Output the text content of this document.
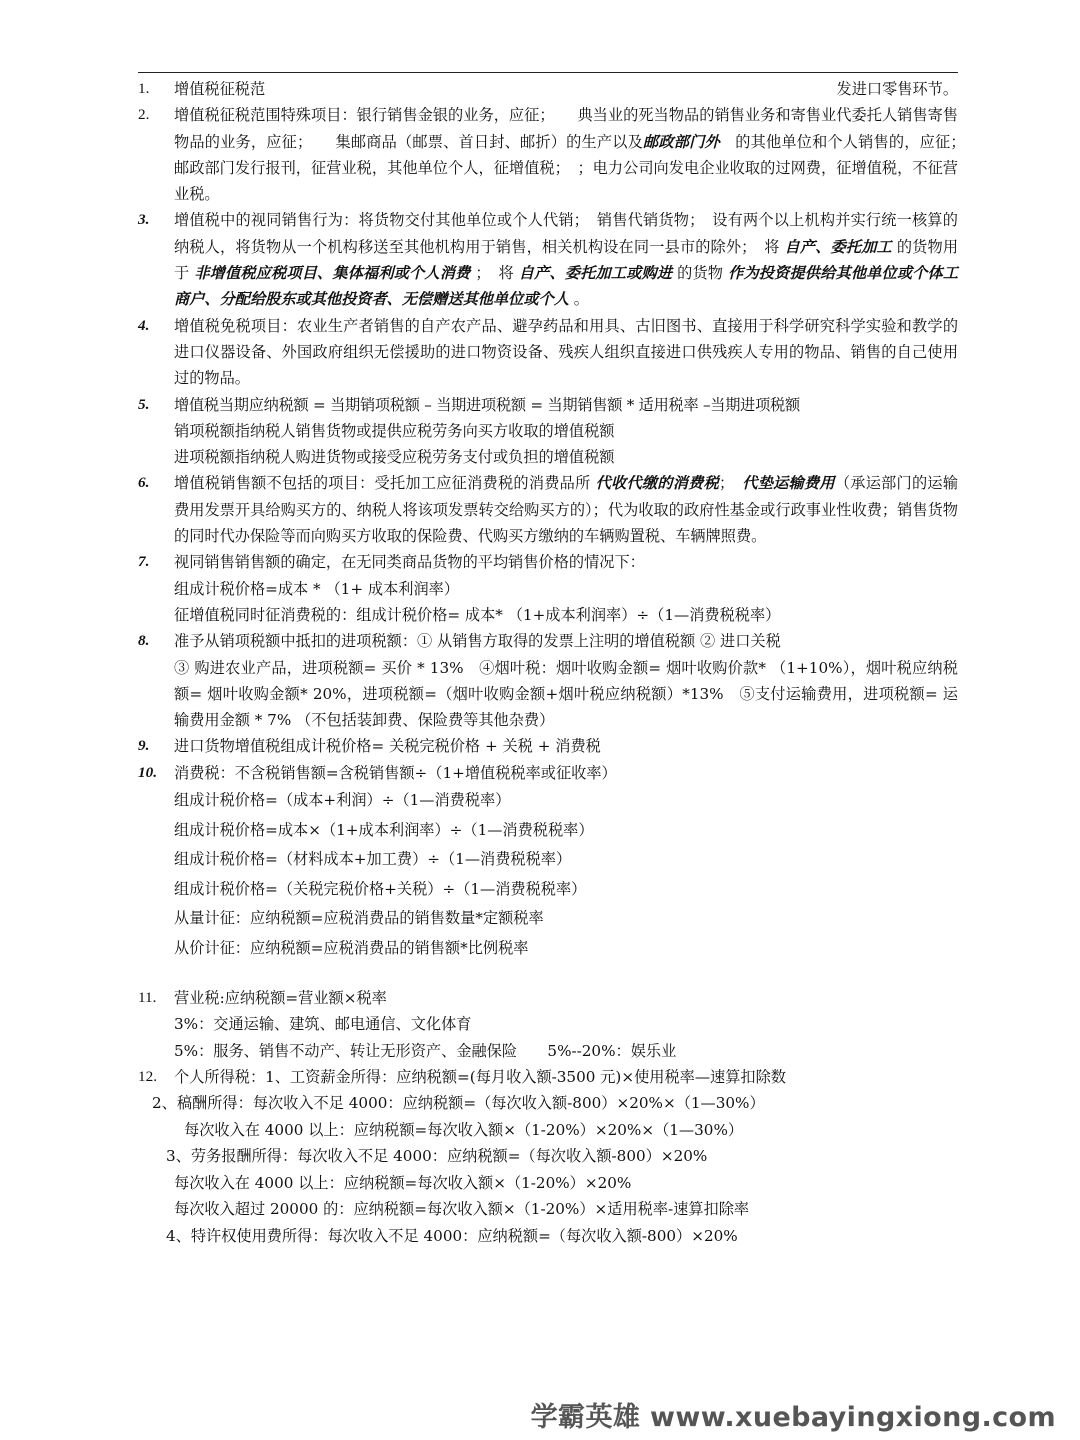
1.	增值税征税范	发进口零售环节。
2.	增值税征税范围特殊项目：银行销售金银的业务，应征；　　典当业的死当物品的销售业务和寄售业代委托人销售寄售物品的业务，应征；　　集邮商品（邮票、首日封、邮折）的生产以及邮政部门外　的其他单位和个人销售的，应征；　　邮政部门发行报刊，征营业税，其他单位个人，征增值税；　；电力公司向发电企业收取的过网费，征增值税，不征营业税。
3.	增值税中的视同销售行为：将货物交付其他单位或个人代销；　销售代销货物；　设有两个以上机构并实行统一核算的纳税人，将货物从一个机构移送至其他机构用于销售，相关机构设在同一县市的除外；　将 自产、委托加工 的货物用于 非增值税应税项目、集体福利或个人消费 ；　将 自产、委托加工或购进 的货物 作为投资提供给其他单位或个体工商户、分配给股东或其他投资者、无偿赠送其他单位或个人 。
4.	增值税免税项目：农业生产者销售的自产农产品、避孕药品和用具、古旧图书、直接用于科学研究科学实验和教学的进口仪器设备、外国政府组织无偿援助的进口物资设备、残疾人组织直接进口供残疾人专用的物品、销售的自己使用过的物品。
5.	增值税当期应纳税额 = 当期销项税额 – 当期进项税额 = 当期销售额 * 适用税率 –当期进项税额
销项税额指纳税人销售货物或提供应税劳务向买方收取的增值税额
进项税额指纳税人购进货物或接受应税劳务支付或负担的增值税额
6.	增值税销售额不包括的项目：受托加工应征消费税的消费品所 代收代缴的消费税；　代垫运输费用（承运部门的运输费用发票开具给购买方的、纳税人将该项发票转交给购买方的）；代为收取的政府性基金或行政事业性收费；销售货物的同时代办保险等而向购买方收取的保险费、代购买方缴纳的车辆购置税、车辆牌照费。
7.	视同销售销售额的确定，在无同类商品货物的平均销售价格的情况下：
组成计税价格=成本 * （1+ 成本利润率）
征增值税同时征消费税的：组成计税价格= 成本* （1+成本利润率）÷（1—消费税税率）
8.	准予从销项税额中抵扣的进项税额：① 从销售方取得的发票上注明的增值税额 ② 进口关税
③ 购进农业产品，进项税额= 买价 * 13%　④烟叶税：烟叶收购金额= 烟叶收购价款* （1+10%），烟叶税应纳税额= 烟叶收购金额* 20%，进项税额=（烟叶收购金额+烟叶税应纳税额）*13%　⑤支付运输费用，进项税额= 运输费用金额 * 7% （不包括装卸费、保险费等其他杂费）
9.	进口货物增值税组成计税价格= 关税完税价格 + 关税 + 消费税
10.	消费税：不含税销售额=含税销售额÷（1+增值税税率或征收率）
组成计税价格=（成本+利润）÷（1—消费税率）
组成计税价格=成本×（1+成本利润率）÷（1—消费税税率）
组成计税价格=（材料成本+加工费）÷（1—消费税税率）
组成计税价格=（关税完税价格+关税）÷（1—消费税税率）
从量计征：应纳税额=应税消费品的销售数量*定额税率
从价计征：应纳税额=应税消费品的销售额*比例税率
11.	营业税:应纳税额=营业额×税率
3%：交通运输、建筑、邮电通信、文化体育
5%：服务、销售不动产、转让无形资产、金融保险　　5%--20%：娱乐业
12.	个人所得税：1、工资薪金所得：应纳税额=(每月收入额-3500 元)×使用税率—速算扣除数
2、稿酬所得：每次收入不足 4000：应纳税额=（每次收入额-800）×20%×（1—30%）
每次收入在 4000 以上：应纳税额=每次收入额×（1-20%）×20%×（1—30%）
3、劳务报酬所得：每次收入不足 4000：应纳税额=（每次收入额-800）×20%
每次收入在 4000 以上：应纳税额=每次收入额×（1-20%）×20%
每次收入超过 20000 的：应纳税额=每次收入额×（1-20%）×适用税率-速算扣除率
4、特许权使用费所得：每次收入不足 4000：应纳税额=（每次收入额-800）×20%
学霸英雄 www.xuebayingxiong.com
